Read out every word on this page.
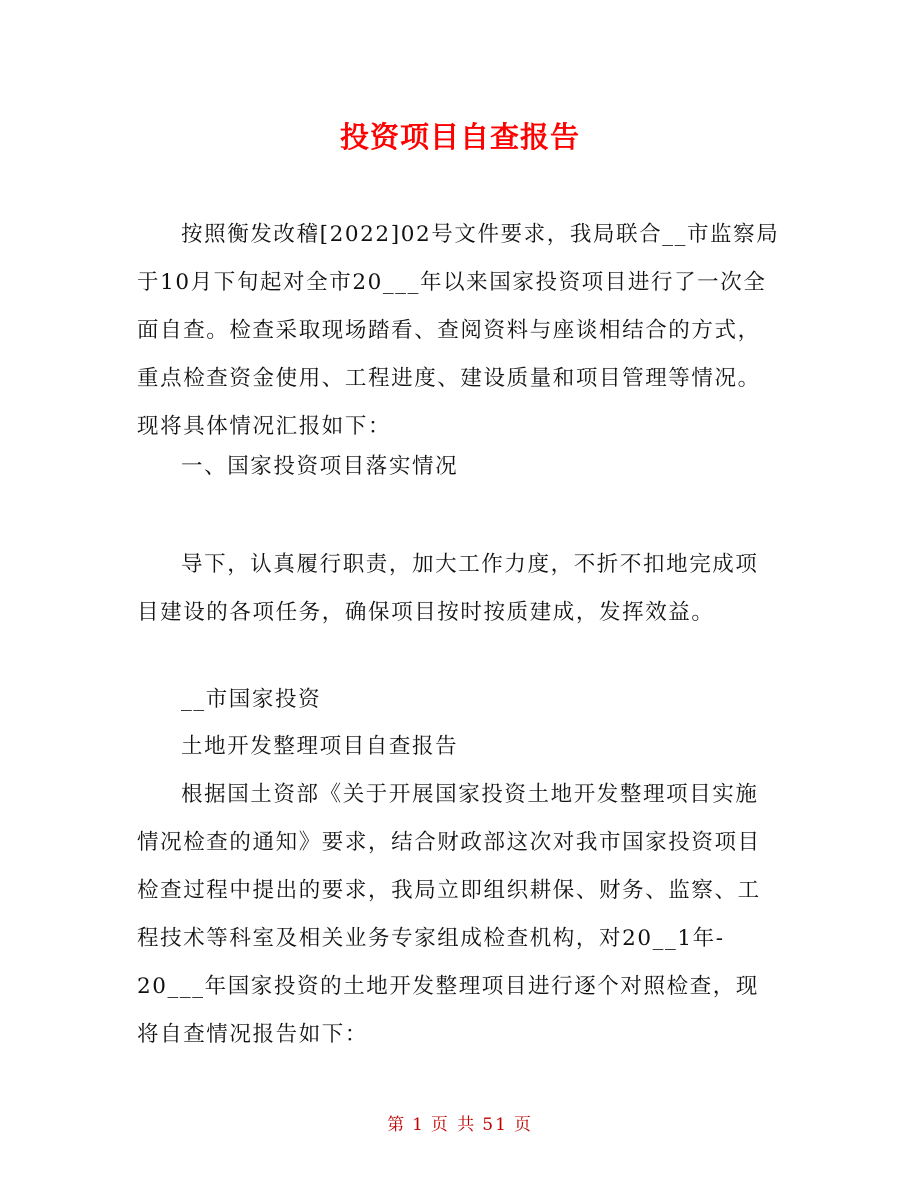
投资项目自查报告

按照衡发改稽[2022]02号文件要求，我局联合__市监察局
于10月下旬起对全市20___年以来国家投资项目进行了一次全
面自查。检查采取现场踏看、查阅资料与座谈相结合的方式，
重点检查资金使用、工程进度、建设质量和项目管理等情况。
现将具体情况汇报如下：

一、国家投资项目落实情况

导下，认真履行职责，加大工作力度，不折不扣地完成项
目建设的各项任务，确保项目按时按质建成，发挥效益。

__市国家投资

土地开发整理项目自查报告

根据国土资部《关于开展国家投资土地开发整理项目实施
情况检查的通知》要求，结合财政部这次对我市国家投资项目
检查过程中提出的要求，我局立即组织耕保、财务、监察、工
程技术等科室及相关业务专家组成检查机构，对20__1年-
20___年国家投资的土地开发整理项目进行逐个对照检查，现
将自查情况报告如下：

第 1 页 共 51 页
